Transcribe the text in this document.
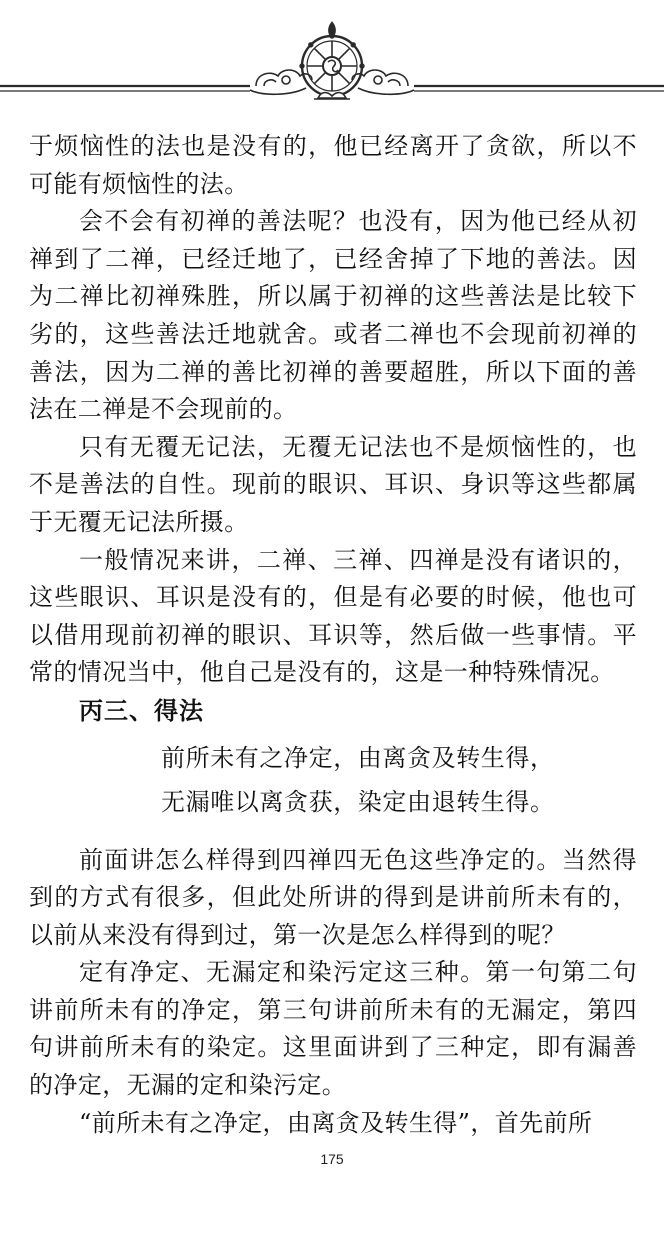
于烦恼性的法也是没有的，他已经离开了贪欲，所以不可能有烦恼性的法。

会不会有初禅的善法呢？也没有，因为他已经从初禅到了二禅，已经迁地了，已经舍掉了下地的善法。因为二禅比初禅殊胜，所以属于初禅的这些善法是比较下劣的，这些善法迁地就舍。或者二禅也不会现前初禅的善法，因为二禅的善比初禅的善要超胜，所以下面的善法在二禅是不会现前的。

只有无覆无记法，无覆无记法也不是烦恼性的，也不是善法的自性。现前的眼识、耳识、身识等这些都属于无覆无记法所摄。

一般情况来讲，二禅、三禅、四禅是没有诸识的，这些眼识、耳识是没有的，但是有必要的时候，他也可以借用现前初禅的眼识、耳识等，然后做一些事情。平常的情况当中，他自己是没有的，这是一种特殊情况。

丙三、得法

前所未有之净定，由离贪及转生得，

无漏唯以离贪获，染定由退转生得。

前面讲怎么样得到四禅四无色这些净定的。当然得到的方式有很多，但此处所讲的得到是讲前所未有的，以前从来没有得到过，第一次是怎么样得到的呢？

定有净定、无漏定和染污定这三种。第一句第二句讲前所未有的净定，第三句讲前所未有的无漏定，第四句讲前所未有的染定。这里面讲到了三种定，即有漏善的净定，无漏的定和染污定。

“前所未有之净定，由离贪及转生得”，首先前所

175
